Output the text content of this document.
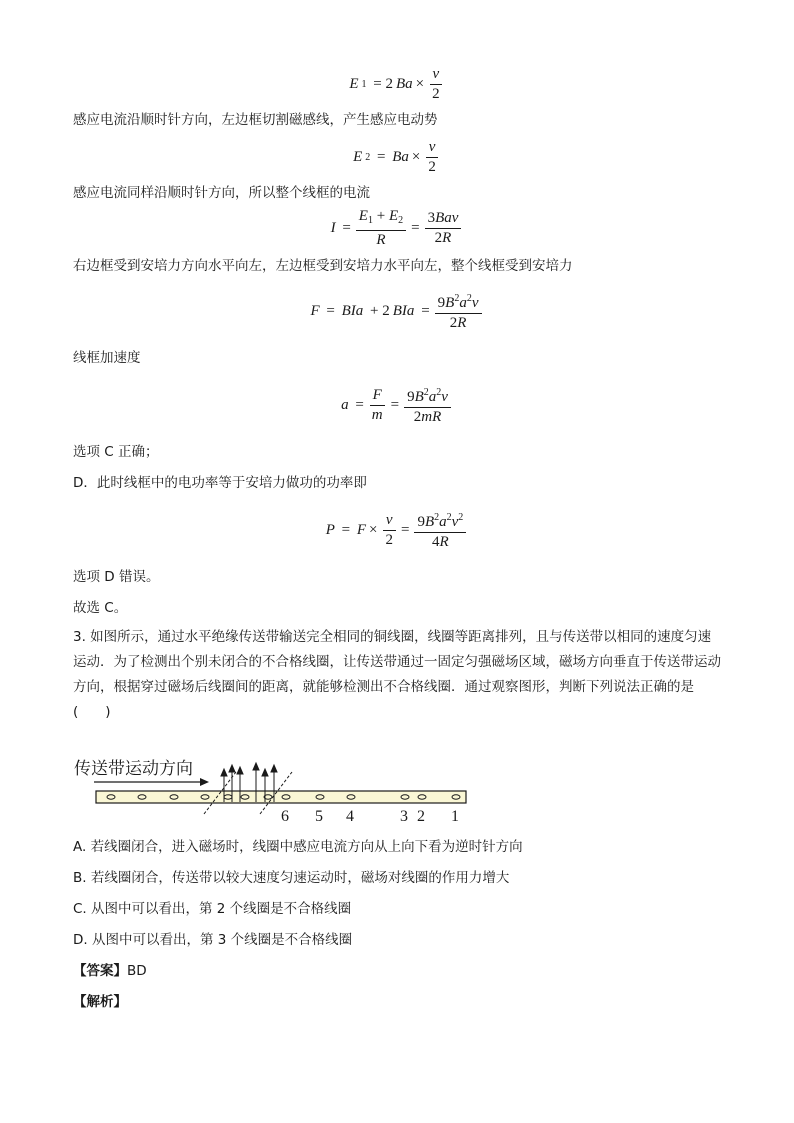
E 1 = 2 $Ba \times \frac{v}{2}$
感应电流沿顺时针方向，左边框切割磁感线，产生感应电动势
E $2 = Ba \times \frac{v}{2}$
感应电流同样沿顺时针方向，所以整个线框的电流
$I = \frac{E_1 + E_2}{R} = \frac{\text{3Bav}}{2R}$
右边框受到安培力方向水平向左，左边框受到安培力水平向左，整个线框受到安培力
F = BIa + 2 BIa = $\frac{9B^2a^2v}{2R}$
线框加速度
$a = \frac{F}{m} = \frac{9B^2a^2v}{2mR}$
选项 C 正确；
D．此时线框中的电功率等于安培力做功的功率即
$P = F \times \frac{v}{2} = \frac{9B^2a^2v^2}{4R}$
选项 D 错误。
故选 C。
3. 如图所示，通过水平绝缘传送带输送完全相同的铜线圈，线圈等距离排列，且与传送带以相同的速度匀速运动．为了检测出个别未闭合的不合格线圈，让传送带通过一固定匀强磁场区域，磁场方向垂直于传送带运动方向，根据穿过磁场后线圈间的距离，就能够检测出不合格线圈．通过观察图形，判断下列说法正确的是(　　)
传送带运动方向
6 5 4	3 2 1
A. 若线圈闭合，进入磁场时，线圈中感应电流方向从上向下看为逆时针方向
B. 若线圈闭合，传送带以较大速度匀速运动时，磁场对线圈的作用力增大
C. 从图中可以看出，第 2 个线圈是不合格线圈
D. 从图中可以看出，第 3 个线圈是不合格线圈
【答案】BD
【解析】
